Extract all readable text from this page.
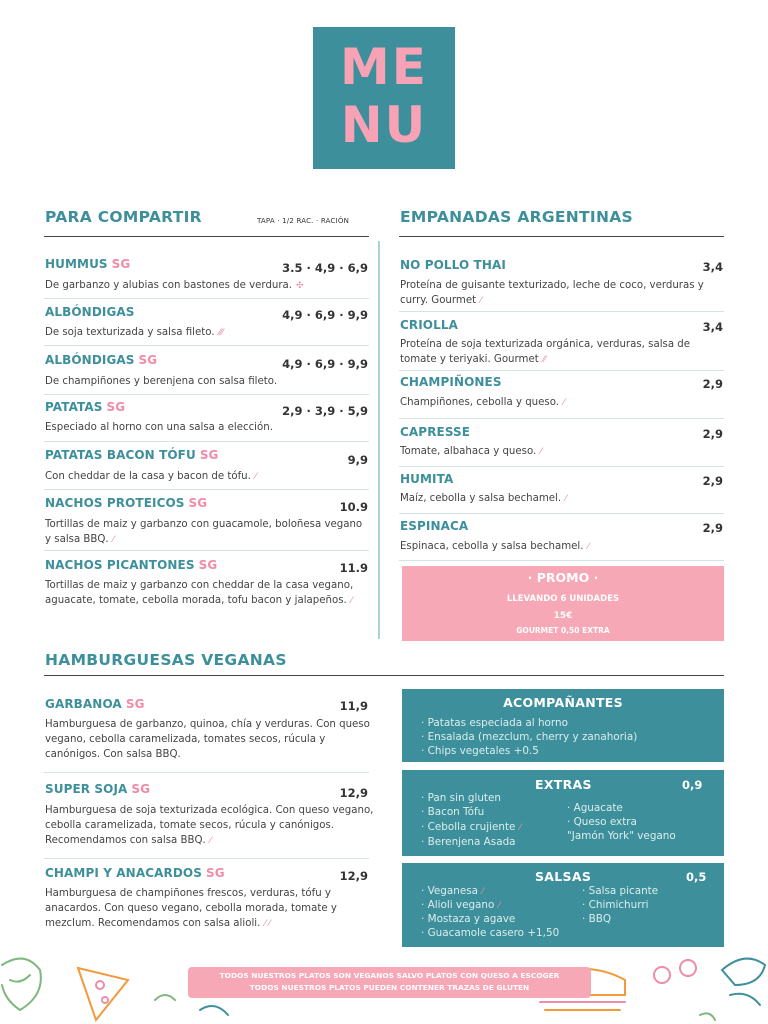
ME
NU
PARA COMPARTIR	TAPA · 1/2 RAC. · RACIÓN
HUMMUS SG	3.5 · 4,9 · 6,9
De garbanzo y alubias con bastones de verdura. ✣
ALBÓNDIGAS	4,9 · 6,9 · 9,9
De soja texturizada y salsa fileto. ⁄⁄⁄
ALBÓNDIGAS SG	4,9 · 6,9 · 9,9
De champiñones y berenjena con salsa fileto.
PATATAS SG	2,9 · 3,9 · 5,9
Especiado al horno con una salsa a elección.
PATATAS BACON TÓFU SG	9,9
Con cheddar de la casa y bacon de tófu. ⁄
NACHOS PROTEICOS SG	10.9
Tortillas de maiz y garbanzo con guacamole, boloñesa vegano y salsa BBQ. ⁄
NACHOS PICANTONES SG	11.9
Tortillas de maiz y garbanzo con cheddar de la casa vegano, aguacate, tomate, cebolla morada, tofu bacon y jalapeños. ⁄
EMPANADAS ARGENTINAS
NO POLLO THAI	3,4
Proteína de guisante texturizado, leche de coco, verduras y curry. Gourmet ⁄
CRIOLLA	3,4
Proteína de soja texturizada orgánica, verduras, salsa de tomate y teriyaki. Gourmet ⁄⁄
CHAMPIÑONES	2,9
Champiñones, cebolla y queso. ⁄
CAPRESSE	2,9
Tomate, albahaca y queso. ⁄
HUMITA	2,9
Maíz, cebolla y salsa bechamel. ⁄
ESPINACA	2,9
Espinaca, cebolla y salsa bechamel. ⁄
· PROMO ·
LLEVANDO 6 UNIDADES
15€
GOURMET 0,50 EXTRA
HAMBURGUESAS VEGANAS
GARBANOA SG	11,9
Hamburguesa de garbanzo, quinoa, chía y verduras. Con queso vegano, cebolla caramelizada, tomates secos, rúcula y canónigos. Con salsa BBQ.
SUPER SOJA SG	12,9
Hamburguesa de soja texturizada ecológica. Con queso vegano, cebolla caramelizada, tomate secos, rúcula y canónigos. Recomendamos con salsa BBQ. ⁄
CHAMPI Y ANACARDOS SG	12,9
Hamburguesa de champiñones frescos, verduras, tófu y anacardos. Con queso vegano, cebolla morada, tomate y mezclum. Recomendamos con salsa alioli. ⁄ ⁄
ACOMPAÑANTES
· Patatas especiada al horno
· Ensalada (mezclum, cherry y zanahoria)
· Chips vegetales +0.5
EXTRAS	0,9
· Pan sin gluten
· Bacon Tófu
· Cebolla crujiente ⁄
· Berenjena Asada
· Aguacate
· Queso extra
"Jamón York" vegano
SALSAS	0,5
· Veganesa ⁄
· Alioli vegano ⁄
· Mostaza y agave
· Guacamole casero +1,50
· Salsa picante
· Chimichurri
· BBQ
TODOS NUESTROS PLATOS SON VEGANOS SALVO PLATOS CON QUESO A ESCOGER
TODOS NUESTROS PLATOS PUEDEN CONTENER TRAZAS DE GLUTEN
